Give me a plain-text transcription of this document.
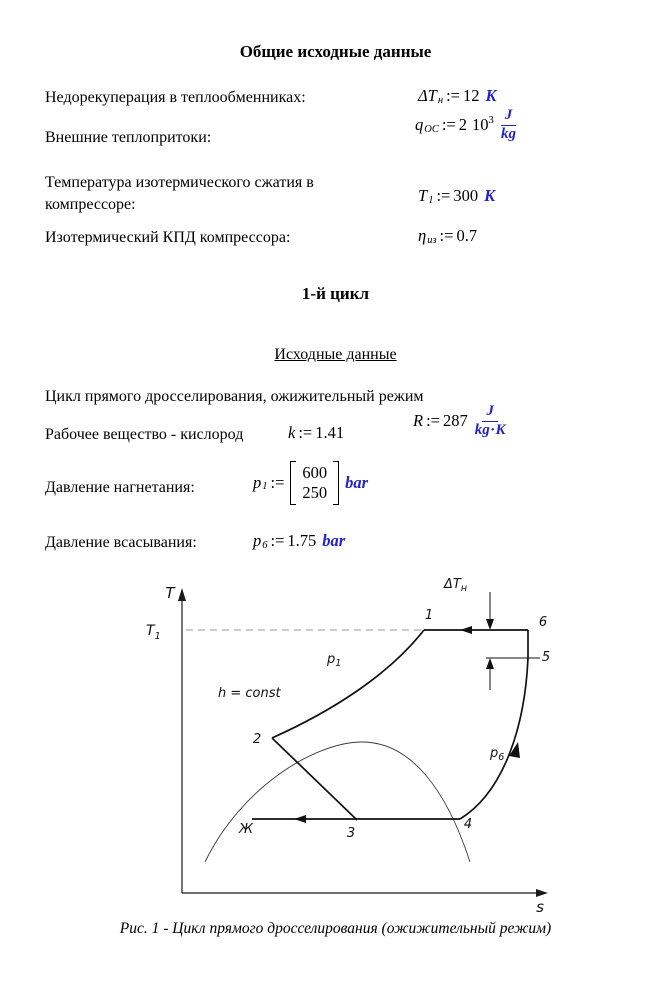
Общие исходные данные
Недорекуперация в теплообменниках:	ΔT н := 12 K
Внешние теплопритоки:
q ОС := 2 $10^3 \frac{J}{kg}$
Температура изотермического сжатия в компрессоре:	T 1 := 300 K
Изотермический КПД компрессора:	η из := 0.7
1-й цикл
Исходные данные
Цикл прямого дросселирования, ожижительный режим
Рабочее вещество - кислород	k := 1.41
R := $287 \frac{J}{kg\cdot K}$
Давление нагнетания:	p 1 :=
600
250
bar
Давление всасывания:	p 6 := 1.75 bar
T
s
$T_1$
$\Delta T_н$
$p_1$
$p_6$
h = const
1
2
3
4
5
6
Ж
Рис. 1 - Цикл прямого дросселирования (ожижительный режим)
